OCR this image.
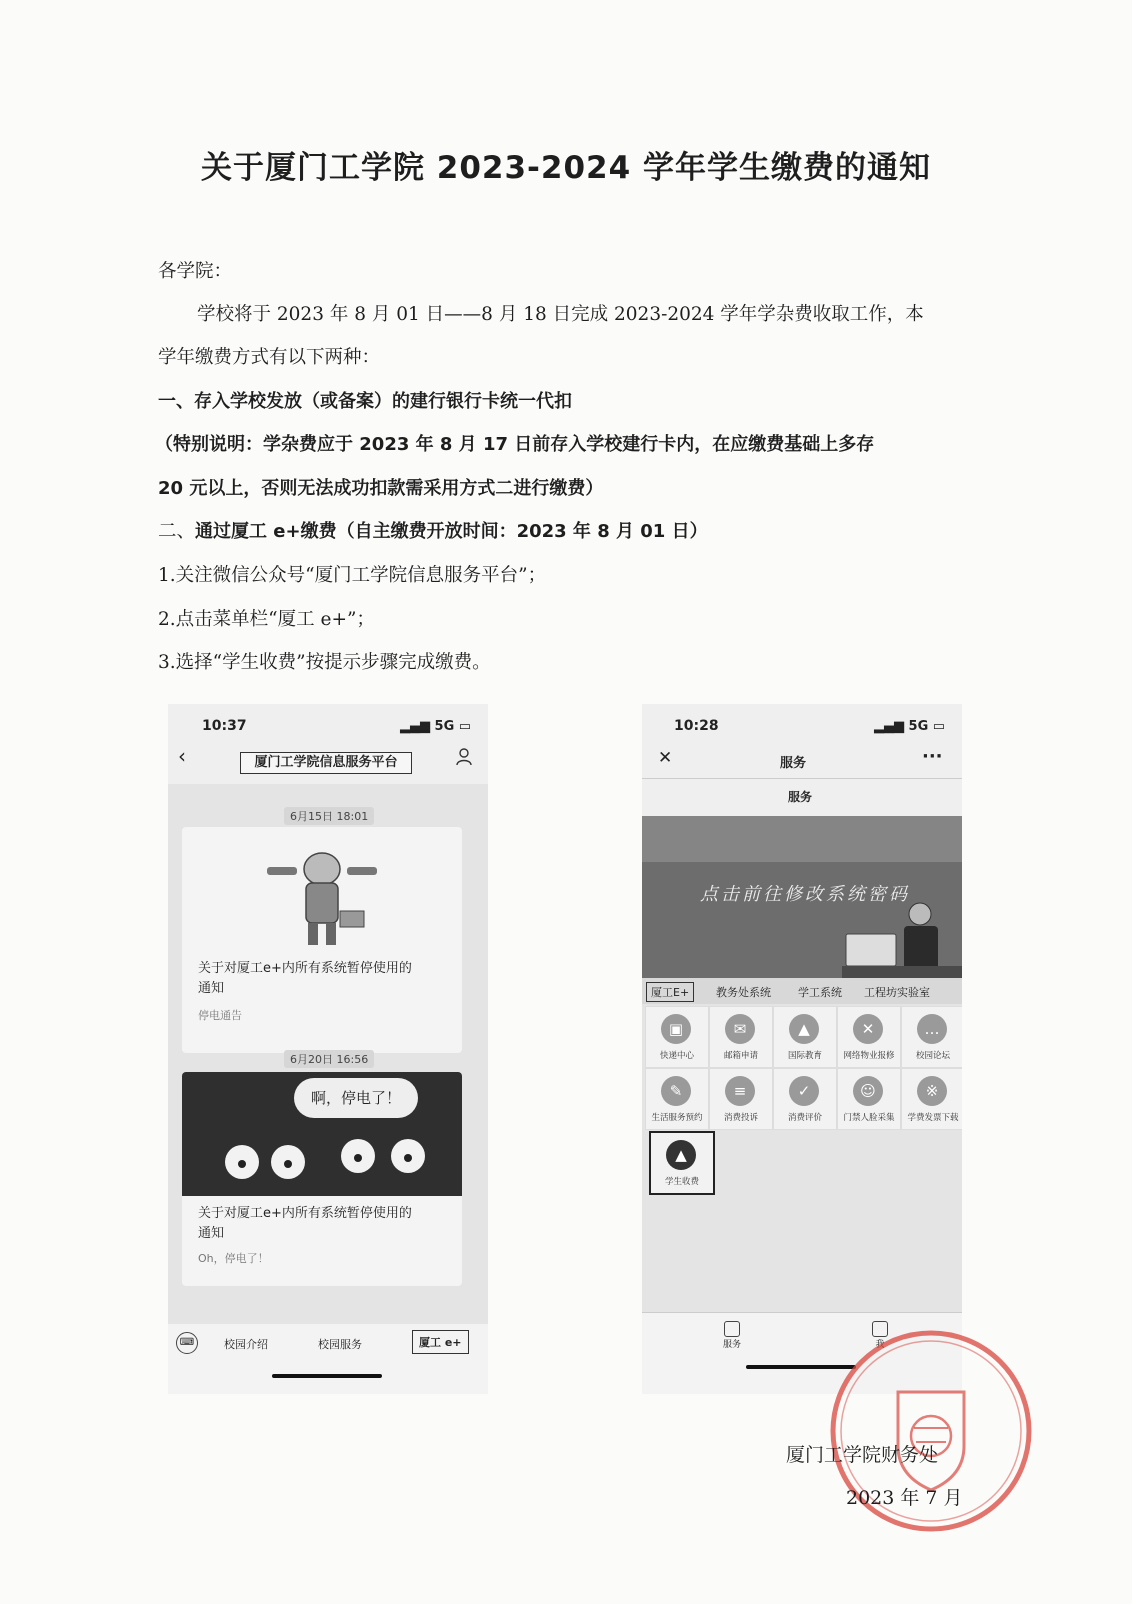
关于厦门工学院 2023-2024 学年学生缴费的通知
各学院：
学校将于 2023 年 8 月 01 日——8 月 18 日完成 2023-2024 学年学杂费收取工作，本
学年缴费方式有以下两种：
一、存入学校发放（或备案）的建行银行卡统一代扣
（特别说明：学杂费应于 2023 年 8 月 17 日前存入学校建行卡内，在应缴费基础上多存
20 元以上，否则无法成功扣款需采用方式二进行缴费）
二、通过厦工 e+缴费（自主缴费开放时间：2023 年 8 月 01 日）
1.关注微信公众号“厦门工学院信息服务平台”；
2.点击菜单栏“厦工 e+”；
3.选择“学生收费”按提示步骤完成缴费。
10:37	▂▄▆ 5G ▭
‹	厦门工学院信息服务平台
6月15日 18:01
关于对厦工e+内所有系统暂停使用的
通知
停电通告
6月20日 16:56
啊，停电了！
关于对厦工e+内所有系统暂停使用的
通知
Oh，停电了！
⌨	校园介绍	校园服务	厦工 e+
10:28	▂▄▆ 5G ▭
✕	服务	···
服务
点击前往修改系统密码
厦工E+	教务处系统 学工系统 工程坊实验室
▣
快递中心
✉
邮箱申请
▲
国际教育
✕
网络物业报修
…
校园论坛
✎
生活服务预约
≡
消费投诉
✓
消费评价
☺
门禁人脸采集
※
学费发票下载
▲
学生收费
服务	我
厦门工学院财务处
2023 年 7 月
